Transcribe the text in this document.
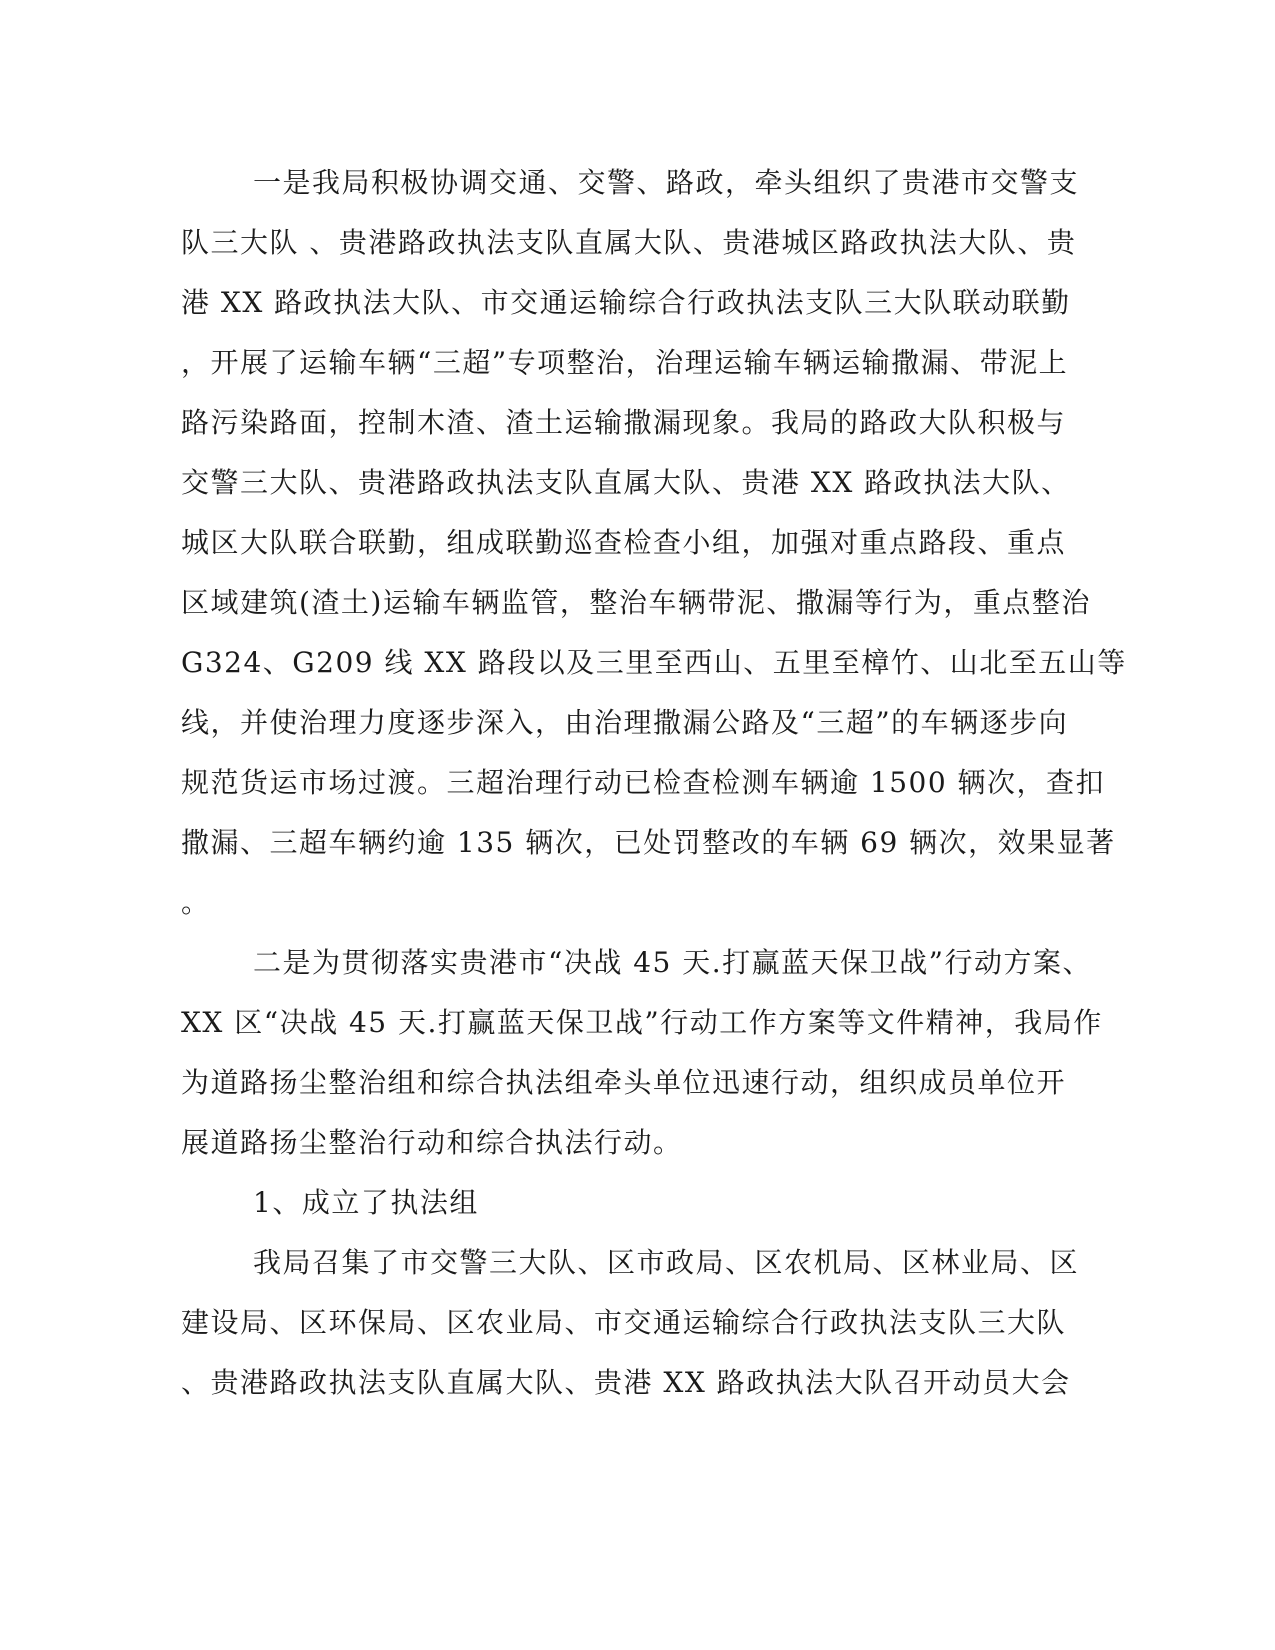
一是我局积极协调交通、交警、路政，牵头组织了贵港市交警支
队三大队 、贵港路政执法支队直属大队、贵港城区路政执法大队、贵
港 XX 路政执法大队、市交通运输综合行政执法支队三大队联动联勤
，开展了运输车辆“三超”专项整治，治理运输车辆运输撒漏、带泥上
路污染路面，控制木渣、渣土运输撒漏现象。我局的路政大队积极与
交警三大队、贵港路政执法支队直属大队、贵港 XX 路政执法大队、
城区大队联合联勤，组成联勤巡查检查小组，加强对重点路段、重点
区域建筑(渣土)运输车辆监管，整治车辆带泥、撒漏等行为，重点整治
G324、G209 线 XX 路段以及三里至西山、五里至樟竹、山北至五山等
线，并使治理力度逐步深入，由治理撒漏公路及“三超”的车辆逐步向
规范货运市场过渡。三超治理行动已检查检测车辆逾 1500 辆次，查扣
撒漏、三超车辆约逾 135 辆次，已处罚整改的车辆 69 辆次，效果显著
。
二是为贯彻落实贵港市“决战 45 天.打赢蓝天保卫战”行动方案、
XX 区“决战 45 天.打赢蓝天保卫战”行动工作方案等文件精神，我局作
为道路扬尘整治组和综合执法组牵头单位迅速行动，组织成员单位开
展道路扬尘整治行动和综合执法行动。
1、成立了执法组
我局召集了市交警三大队、区市政局、区农机局、区林业局、区
建设局、区环保局、区农业局、市交通运输综合行政执法支队三大队
、贵港路政执法支队直属大队、贵港 XX 路政执法大队召开动员大会
